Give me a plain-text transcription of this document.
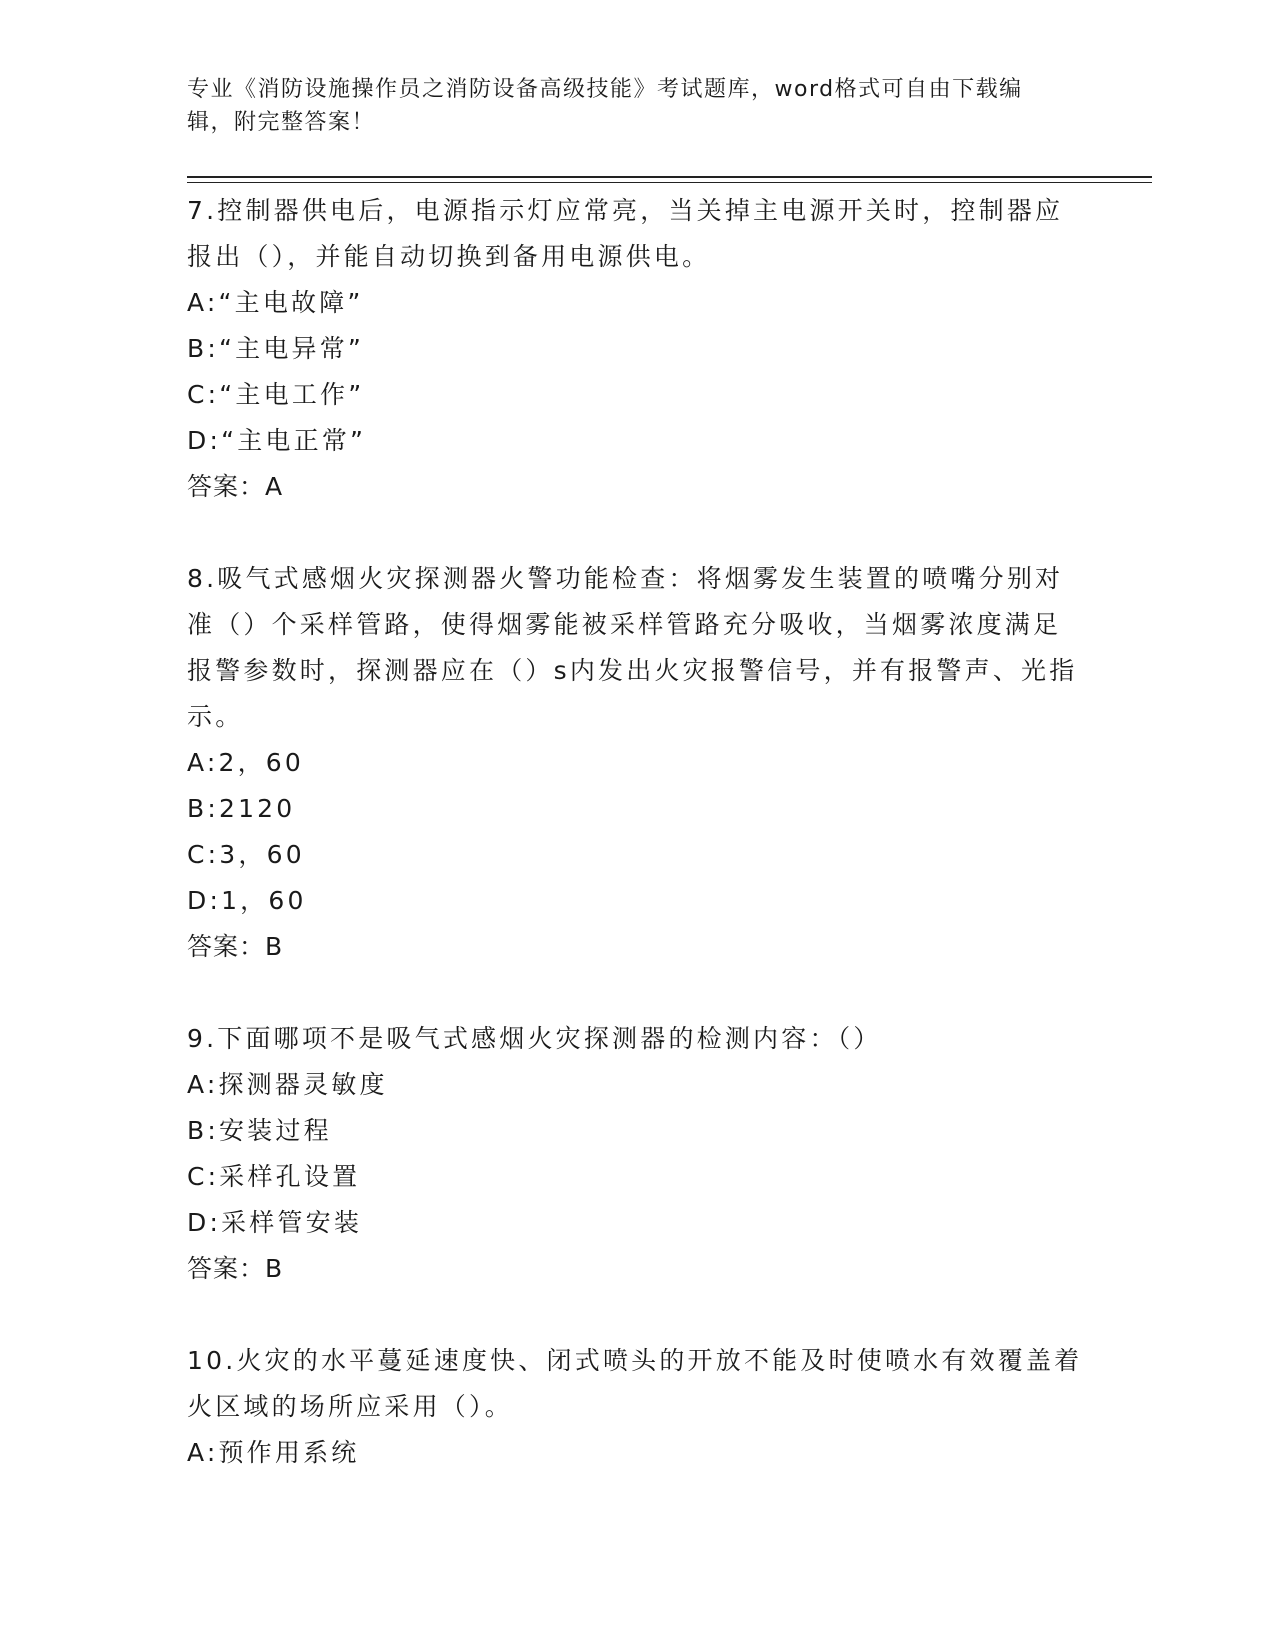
专业《消防设施操作员之消防设备高级技能》考试题库，word格式可自由下载编辑，附完整答案！

7.控制器供电后，电源指示灯应常亮，当关掉主电源开关时，控制器应报出（），并能自动切换到备用电源供电。

A:“主电故障”

B:“主电异常”

C:“主电工作”

D:“主电正常”

答案：A

8.吸气式感烟火灾探测器火警功能检查：将烟雾发生装置的喷嘴分别对准（）个采样管路，使得烟雾能被采样管路充分吸收，当烟雾浓度满足报警参数时，探测器应在（）s内发出火灾报警信号，并有报警声、光指示。

A:2，60

B:2120

C:3，60

D:1，60

答案：B

9.下面哪项不是吸气式感烟火灾探测器的检测内容：（）

A:探测器灵敏度

B:安装过程

C:采样孔设置

D:采样管安装

答案：B

10.火灾的水平蔓延速度快、闭式喷头的开放不能及时使喷水有效覆盖着火区域的场所应采用（）。

A:预作用系统
